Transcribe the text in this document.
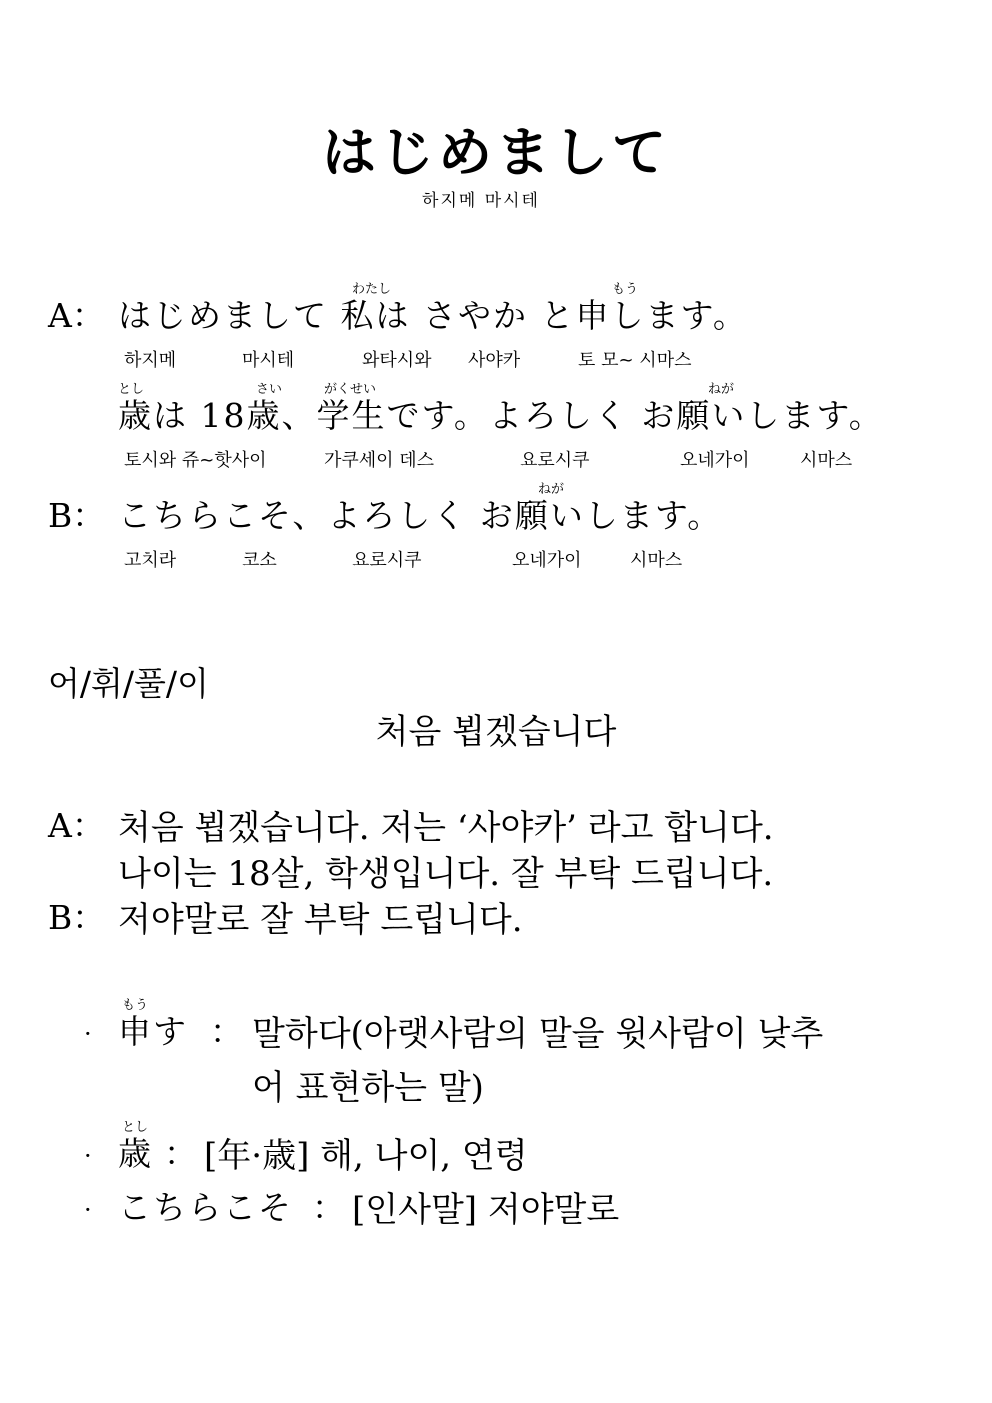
はじめまして
하지메 마시테
わたし	もう
A： はじめまして 私は さやか と申します。
하지메	마시테	와타시와 사야카	토 모~ 시마스
とし	さい	がくせい	ねが
歳は 18歳、学生です。よろしく お願いします。
토시와 쥬~핫사이	가쿠세이 데스	요로시쿠	오네가이	시마스
ねが
B： こちらこそ、よろしく お願いします。
고치라	코소	요로시쿠	오네가이	시마스
어/휘/풀/이
처음 뵙겠습니다
A： 처음 뵙겠습니다. 저는 ‘사야카’ 라고 합니다.
나이는 18살, 학생입니다. 잘 부탁 드립니다.
B： 저야말로 잘 부탁 드립니다.
·
もう
申す ： 말하다(아랫사람의 말을 윗사람이 낮추
어 표현하는 말)
·
とし
歳 ： [年·歳] 해, 나이, 연령
· こちらこそ ： [인사말] 저야말로
